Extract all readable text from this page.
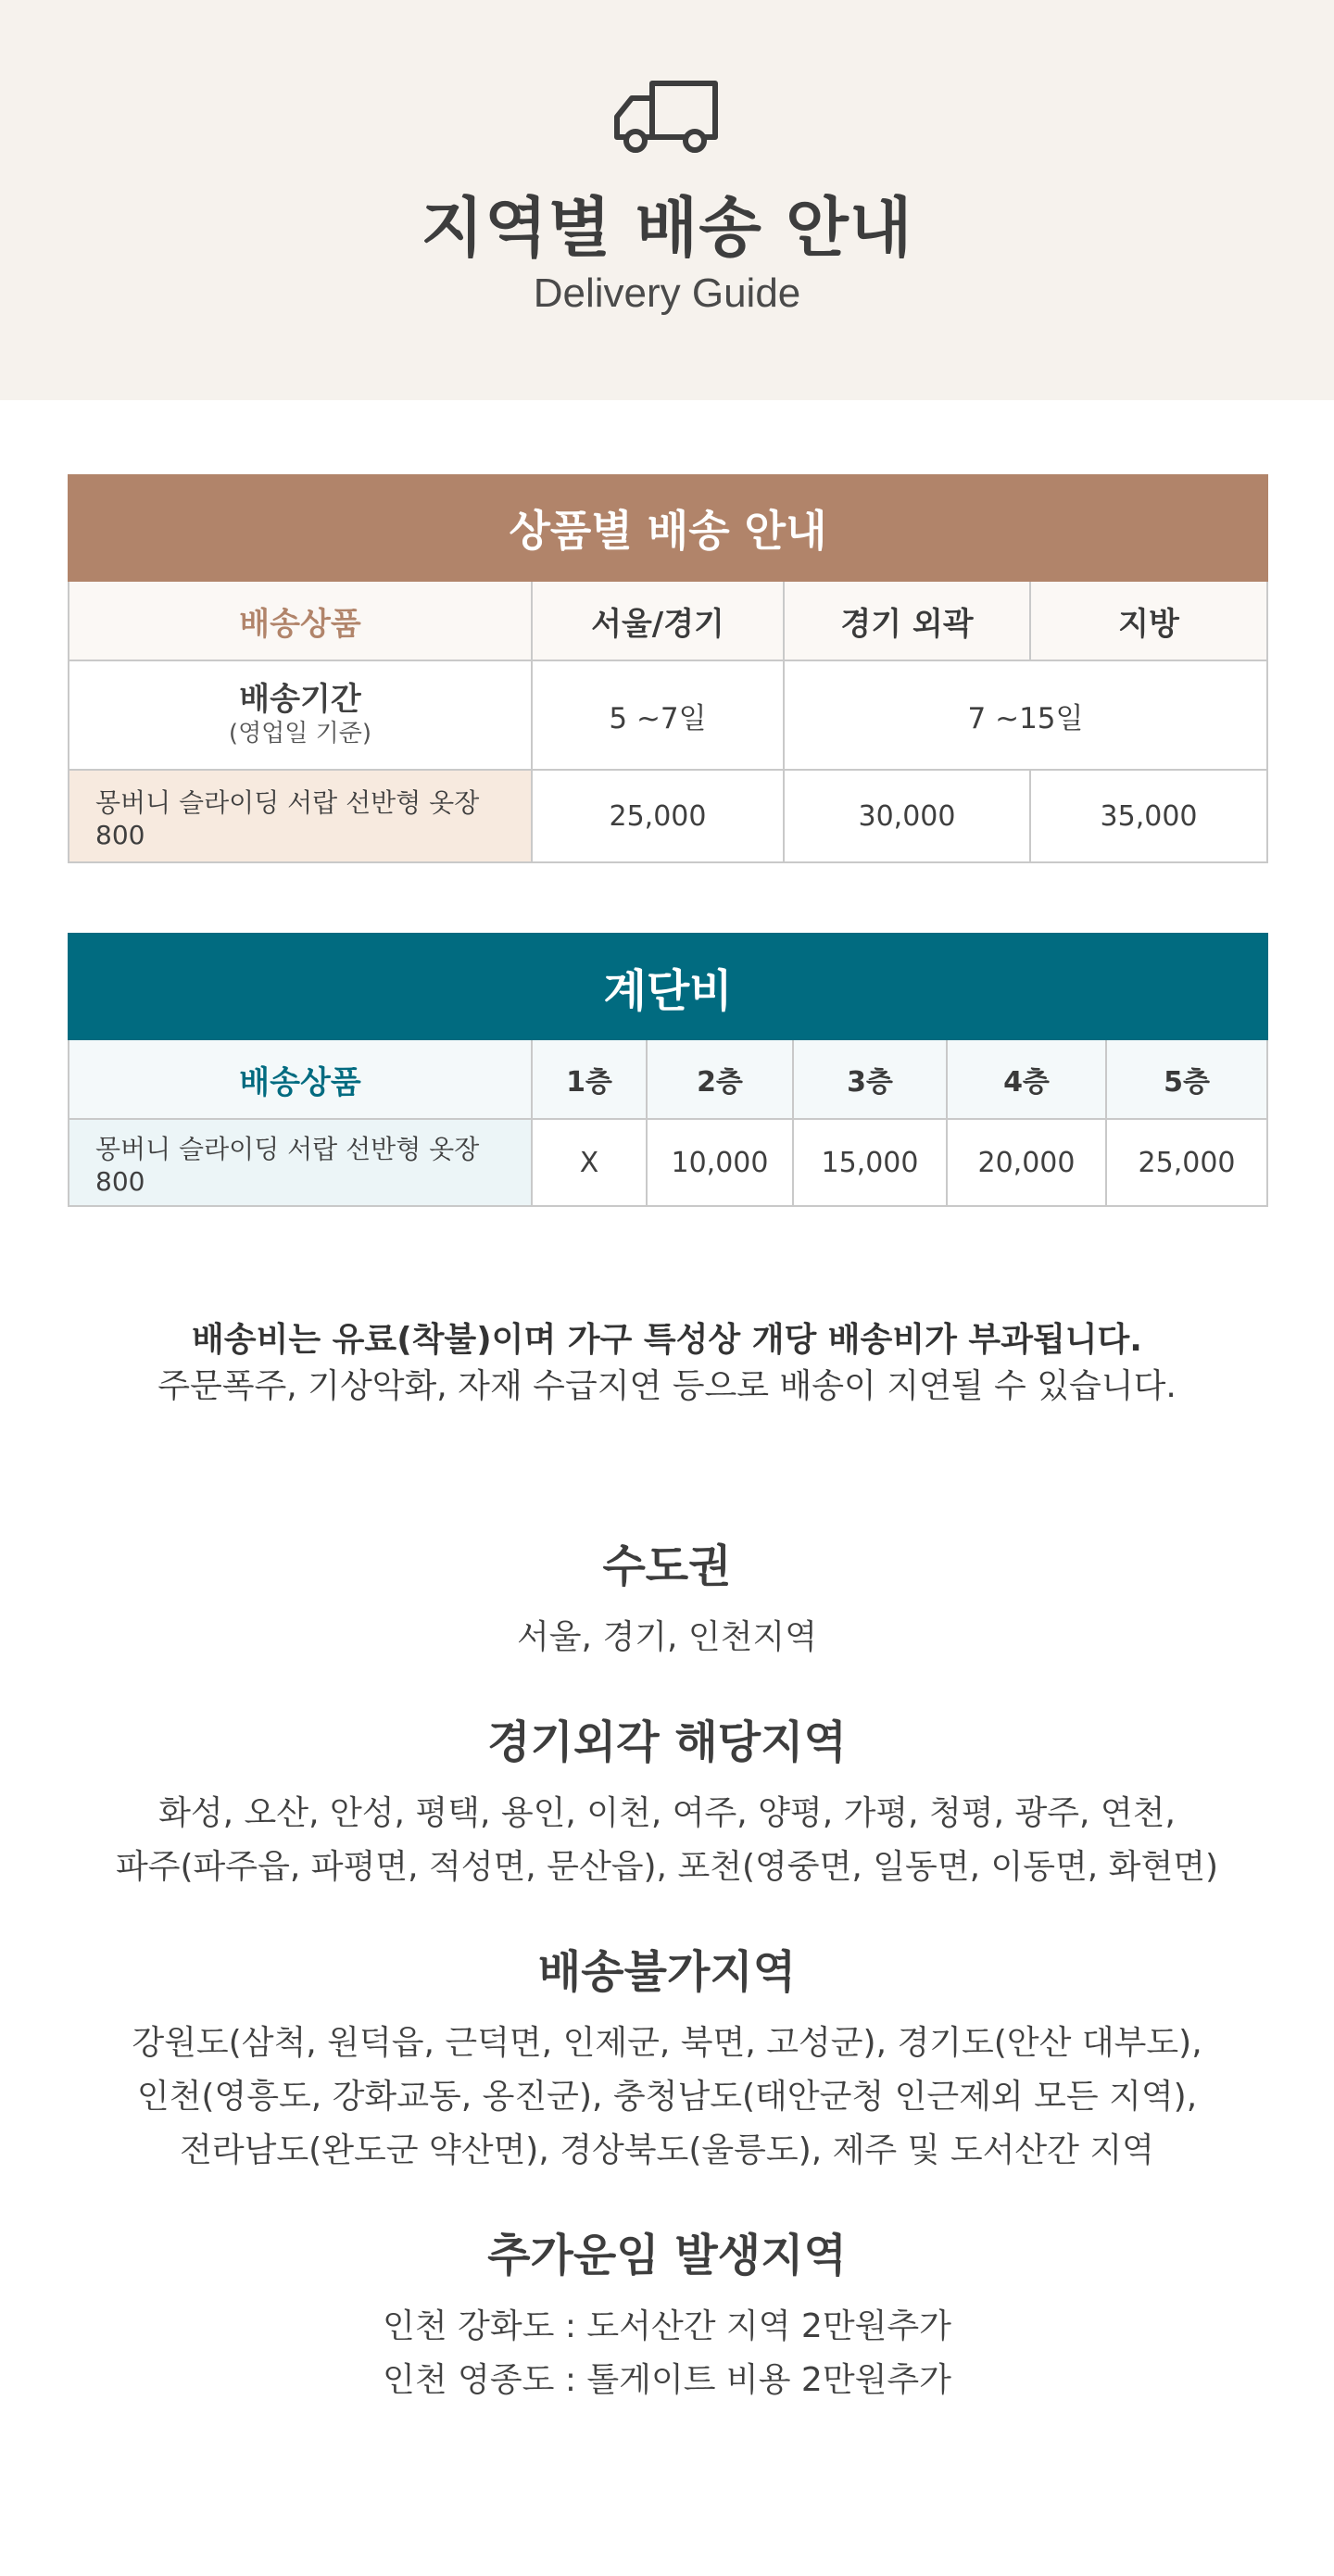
지역별 배송 안내
Delivery Guide
상품별 배송 안내			
배송상품	서울/경기	경기 외곽	지방
배송기간
(영업일 기준)	5 ~7일	7 ~15일	
몽버니 슬라이딩 서랍 선반형 옷장 800	25,000	30,000	35,000
계단비					
배송상품	1층	2층	3층	4층	5층
몽버니 슬라이딩 서랍 선반형 옷장 800	X	10,000	15,000	20,000	25,000
배송비는 유료(착불)이며 가구 특성상 개당 배송비가 부과됩니다.
주문폭주, 기상악화, 자재 수급지연 등으로 배송이 지연될 수 있습니다.
수도권

서울, 경기, 인천지역

경기외각 해당지역

화성, 오산, 안성, 평택, 용인, 이천, 여주, 양평, 가평, 청평, 광주, 연천,
파주(파주읍, 파평면, 적성면, 문산읍), 포천(영중면, 일동면, 이동면, 화현면)

배송불가지역

강원도(삼척, 원덕읍, 근덕면, 인제군, 북면, 고성군), 경기도(안산 대부도),
인천(영흥도, 강화교동, 옹진군), 충청남도(태안군청 인근제외 모든 지역),
전라남도(완도군 약산면), 경상북도(울릉도), 제주 및 도서산간 지역

추가운임 발생지역

인천 강화도 : 도서산간 지역 2만원추가
인천 영종도 : 톨게이트 비용 2만원추가
